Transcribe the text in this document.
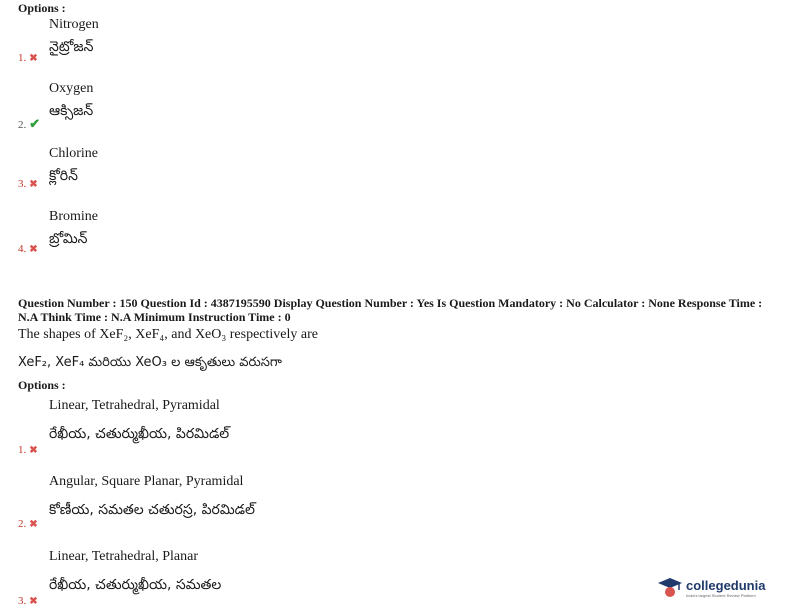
Options :
Nitrogen
నైట్రోజన్
1. ✖
Oxygen
ఆక్సిజన్
2. ✔
Chlorine
క్లోరిన్
3. ✖
Bromine
బ్రోమిన్
4. ✖
Question Number : 150 Question Id : 4387195590 Display Question Number : Yes Is Question Mandatory : No Calculator : None Response Time :
N.A Think Time : N.A Minimum Instruction Time : 0
The shapes of XeF₂, XeF₄, and XeO₃ respectively are
XeF₂, XeF₄ మరియు XeO₃ ల ఆకృతులు వరుసగా
Options :
Linear, Tetrahedral, Pyramidal
రేఖీయ, చతుర్ముఖీయ, పిరమిడల్
1. ✖
Angular, Square Planar, Pyramidal
కోణీయ, సమతల చతురస్ర, పిరమిడల్
2. ✖
Linear, Tetrahedral, Planar
రేఖీయ, చతుర్ముఖీయ, సమతల
3. ✖
collegedunia
India's largest Student Review Platform
